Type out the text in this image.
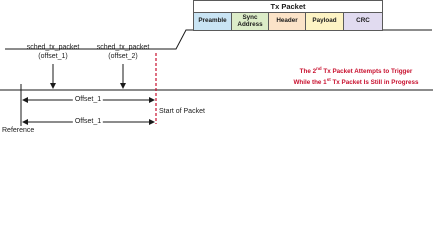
Tx Packet
Preamble	Sync Address Header Payload	CRC
sched_tx_packet
(offset_1)
sched_tx_packet
(offset_2)
Offset_1
Offset_1
Start of Packet
Reference
The 2nd Tx Packet Attempts to Trigger
While the 1st Tx Packet Is Still in Progress
